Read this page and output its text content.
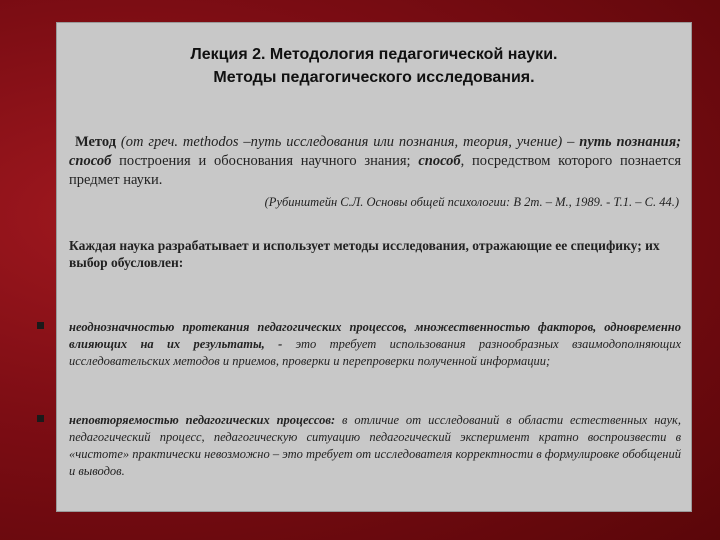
Лекция 2. Методология педагогической науки.
Методы педагогического исследования.
Метод (от греч. methodos –путь исследования или познания, теория, учение) – путь познания; способ построения и обоснования научного знания; способ, посредством которого познается предмет науки.
(Рубинштейн С.Л. Основы общей психологии: В 2т. – М., 1989. - Т.1. – С. 44.)
Каждая наука разрабатывает и использует методы исследования, отражающие ее специфику; их выбор обусловлен:
неоднозначностью протекания педагогических процессов, множественностью факторов, одновременно влияющих на их результаты, - это требует использования разнообразных взаимодополняющих исследовательских методов и приемов, проверки и перепроверки полученной информации;
неповторяемостью педагогических процессов: в отличие от исследований в области естественных наук, педагогический процесс, педагогическую ситуацию педагогический эксперимент кратно воспроизвести в «чистоте» практически невозможно – это требует от исследователя корректности в формулировке обобщений и выводов.
